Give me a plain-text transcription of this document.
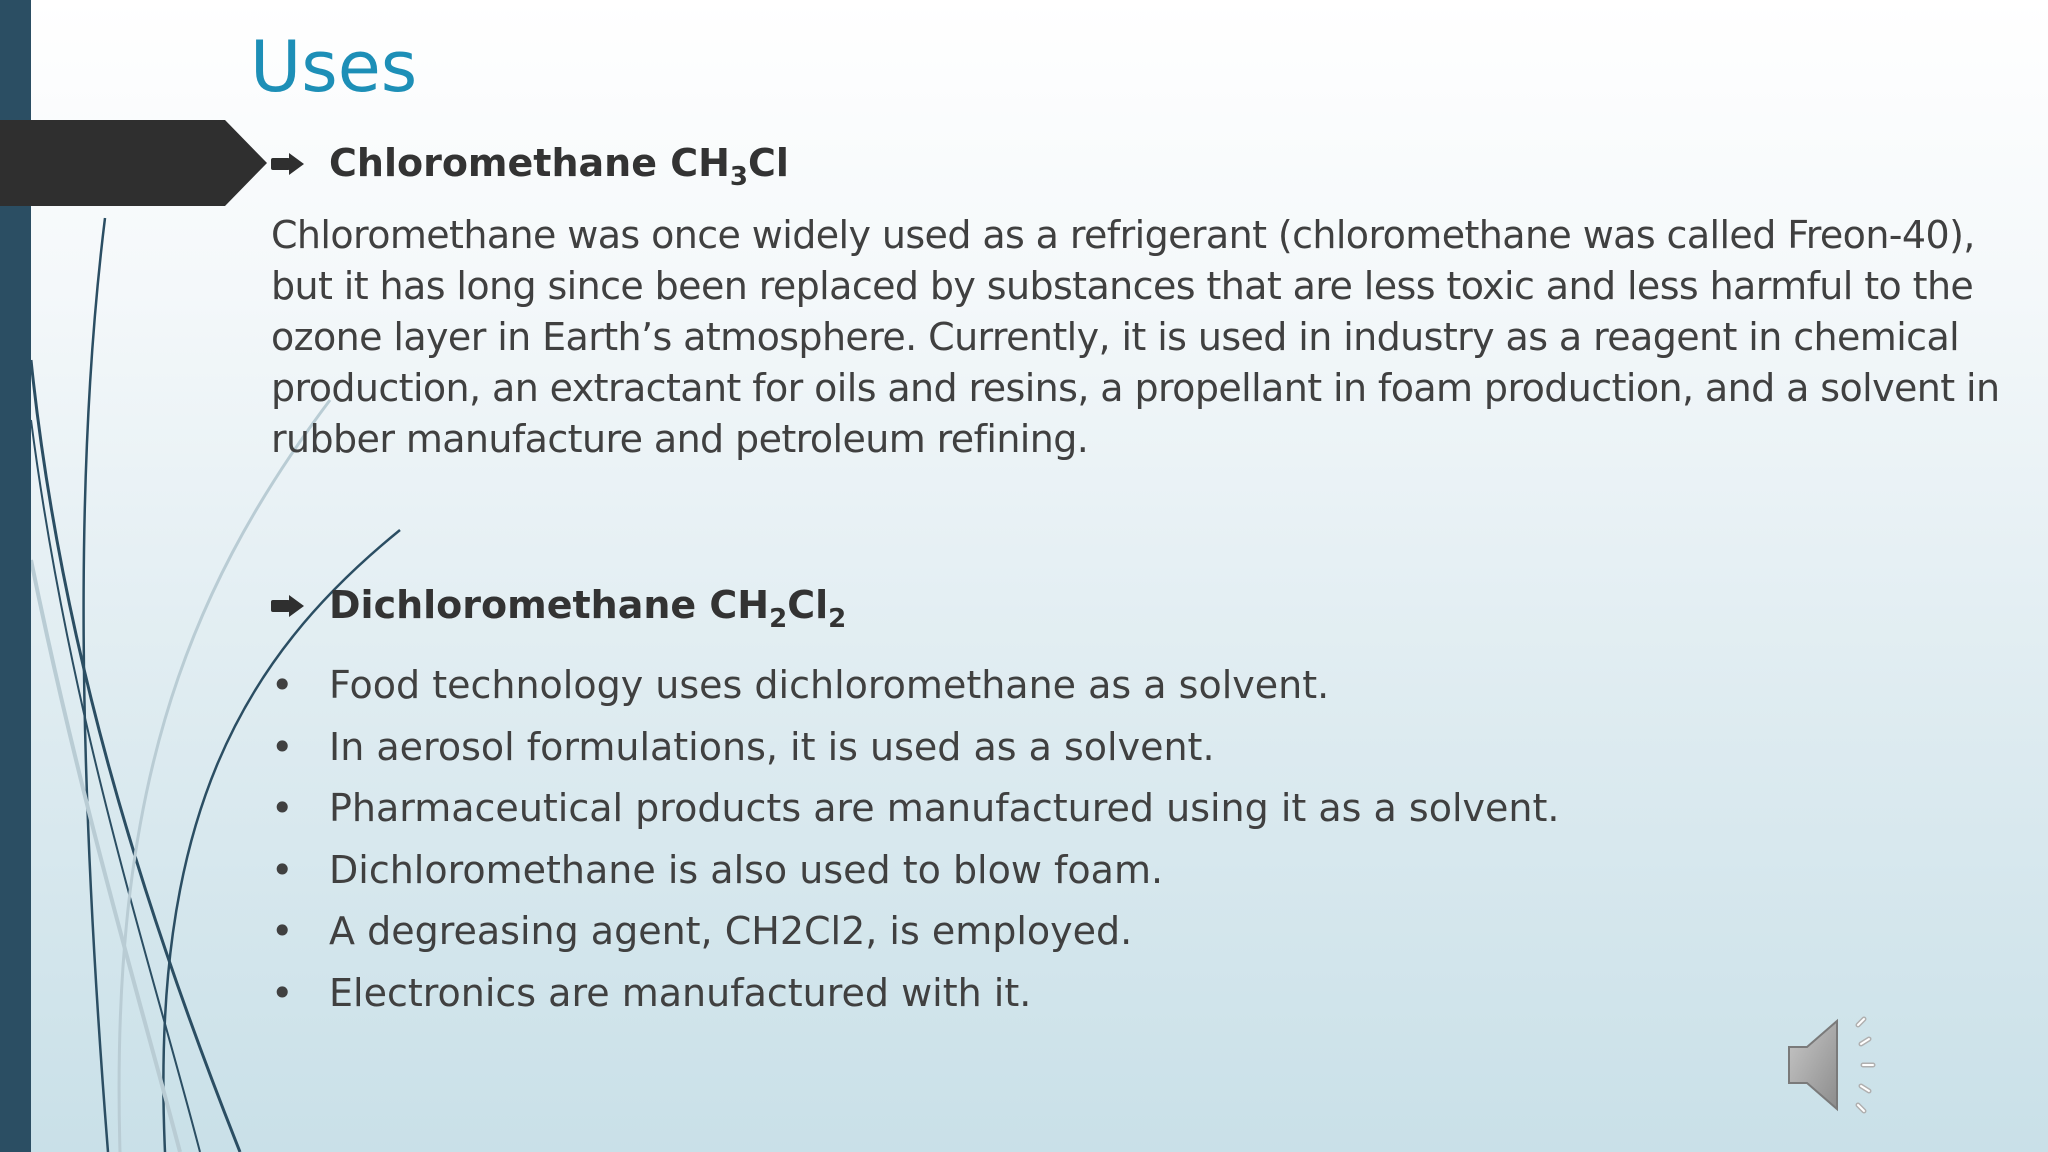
Uses
Chloromethane $CH_3Cl$

Chloromethane was once widely used as a refrigerant (chloromethane was called Freon-40), but it has long since been replaced by substances that are less toxic and less harmful to the ozone layer in Earth’s atmosphere. Currently, it is used in industry as a reagent in chemical production, an extractant for oils and resins, a propellant in foam production, and a solvent in rubber manufacture and petroleum refining.

Dichloromethane $CH_2Cl_2$
• Food technology uses dichloromethane as a solvent.
• In aerosol formulations, it is used as a solvent.
• Pharmaceutical products are manufactured using it as a solvent.
• Dichloromethane is also used to blow foam.
• A degreasing agent, CH2Cl2, is employed.
• Electronics are manufactured with it.
